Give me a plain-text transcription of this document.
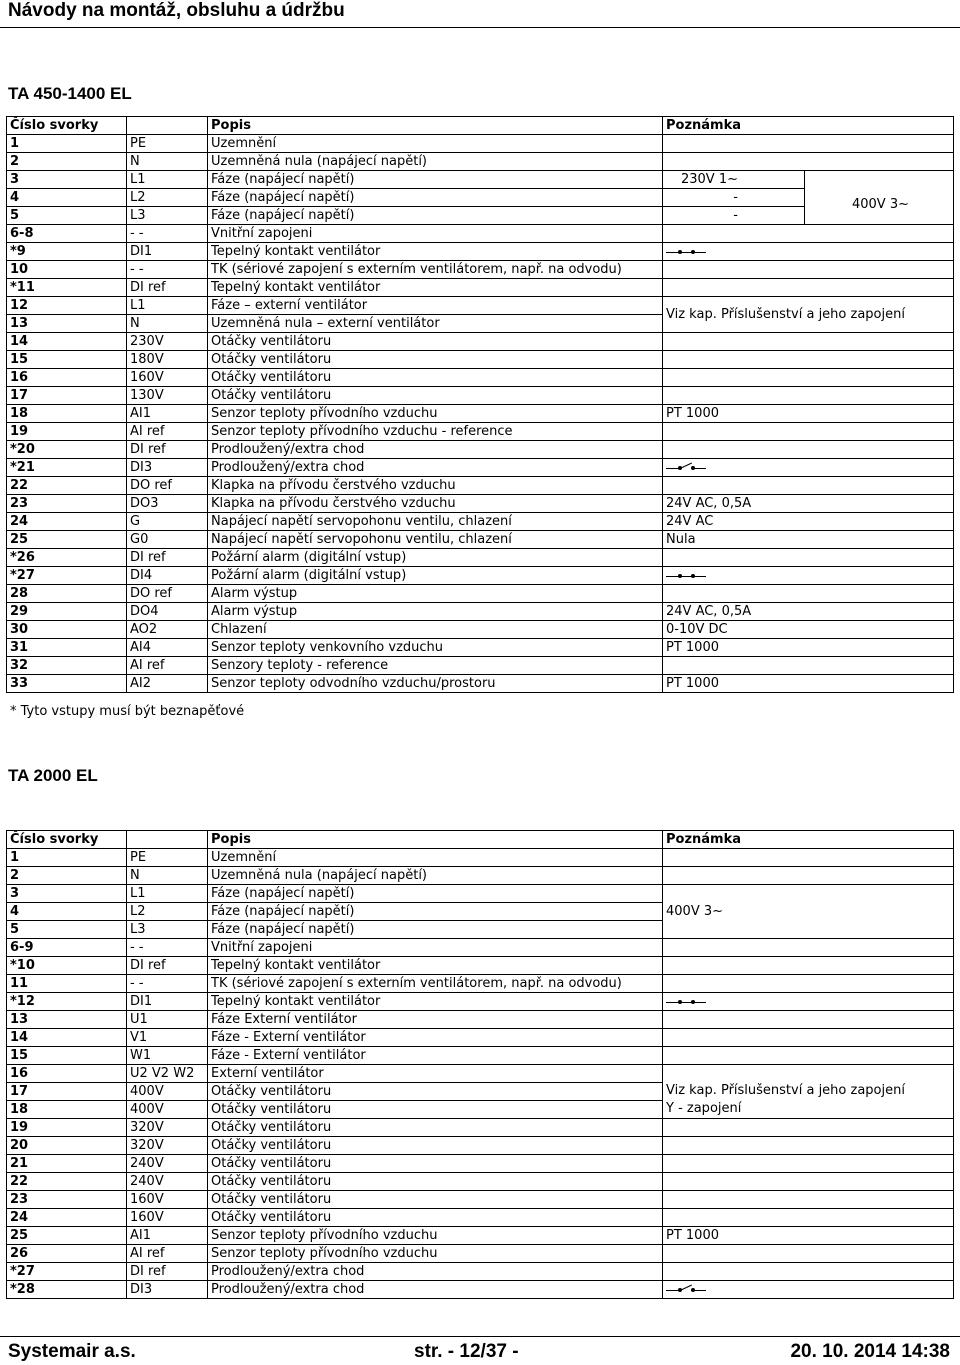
Návody na montáž, obsluhu a údržbu
TA 450-1400 EL
Číslo svorky		Popis	Poznámka	
1	PE	Uzemnění		
2	N	Uzemněná nula (napájecí napětí)		
3	L1	Fáze (napájecí napětí)	230V 1~	400V 3~
4	L2	Fáze (napájecí napětí)	-	
5	L3	Fáze (napájecí napětí)	-	
6-8	- -	Vnitřní zapojeni		
*9	DI1	Tepelný kontakt ventilátor		

10	- -	TK (sériové zapojení s externím ventilátorem, např. na odvodu)		
*11	DI ref	Tepelný kontakt ventilátor		
12	L1	Fáze – externí ventilátor	Viz kap. Příslušenství a jeho zapojení	
13	N	Uzemněná nula – externí ventilátor		
14	230V	Otáčky ventilátoru		
15	180V	Otáčky ventilátoru		
16	160V	Otáčky ventilátoru		
17	130V	Otáčky ventilátoru		
18	AI1	Senzor teploty přívodního vzduchu	PT 1000	
19	AI ref	Senzor teploty přívodního vzduchu - reference		
*20	DI ref	Prodloužený/extra chod		
*21	DI3	Prodloužený/extra chod		

22	DO ref	Klapka na přívodu čerstvého vzduchu		
23	DO3	Klapka na přívodu čerstvého vzduchu	24V AC, 0,5A	
24	G	Napájecí napětí servopohonu ventilu, chlazení	24V AC	
25	G0	Napájecí napětí servopohonu ventilu, chlazení	Nula	
*26	DI ref	Požární alarm (digitální vstup)		
*27	DI4	Požární alarm (digitální vstup)		

28	DO ref	Alarm výstup		
29	DO4	Alarm výstup	24V AC, 0,5A	
30	AO2	Chlazení	0-10V DC	
31	AI4	Senzor teploty venkovního vzduchu	PT 1000	
32	AI ref	Senzory teploty - reference		
33	AI2	Senzor teploty odvodního vzduchu/prostoru	PT 1000	
* Tyto vstupy musí být beznapěťové
TA 2000 EL
Číslo svorky		Popis	Poznámka
1	PE	Uzemnění	
2	N	Uzemněná nula (napájecí napětí)	
3	L1	Fáze (napájecí napětí)	400V 3~
4	L2	Fáze (napájecí napětí)	
5	L3	Fáze (napájecí napětí)	
6-9	- -	Vnitřní zapojeni	
*10	DI ref	Tepelný kontakt ventilátor	
11	- -	TK (sériové zapojení s externím ventilátorem, např. na odvodu)	
*12	DI1	Tepelný kontakt ventilátor	

13	U1	Fáze Externí ventilátor	
14	V1	Fáze - Externí ventilátor	
15	W1	Fáze - Externí ventilátor	
16	U2 V2 W2	Externí ventilátor	Viz kap. Příslušenství a jeho zapojení
Y - zapojení

17	400V	Otáčky ventilátoru	
18	400V	Otáčky ventilátoru	
19	320V	Otáčky ventilátoru	
20	320V	Otáčky ventilátoru	
21	240V	Otáčky ventilátoru	
22	240V	Otáčky ventilátoru	
23	160V	Otáčky ventilátoru	
24	160V	Otáčky ventilátoru	
25	AI1	Senzor teploty přívodního vzduchu	PT 1000
26	AI ref	Senzor teploty přívodního vzduchu	
*27	DI ref	Prodloužený/extra chod	
*28	DI3	Prodloužený/extra chod	
Systemair a.s.	str. - 12/37 -	20. 10. 2014 14:38
